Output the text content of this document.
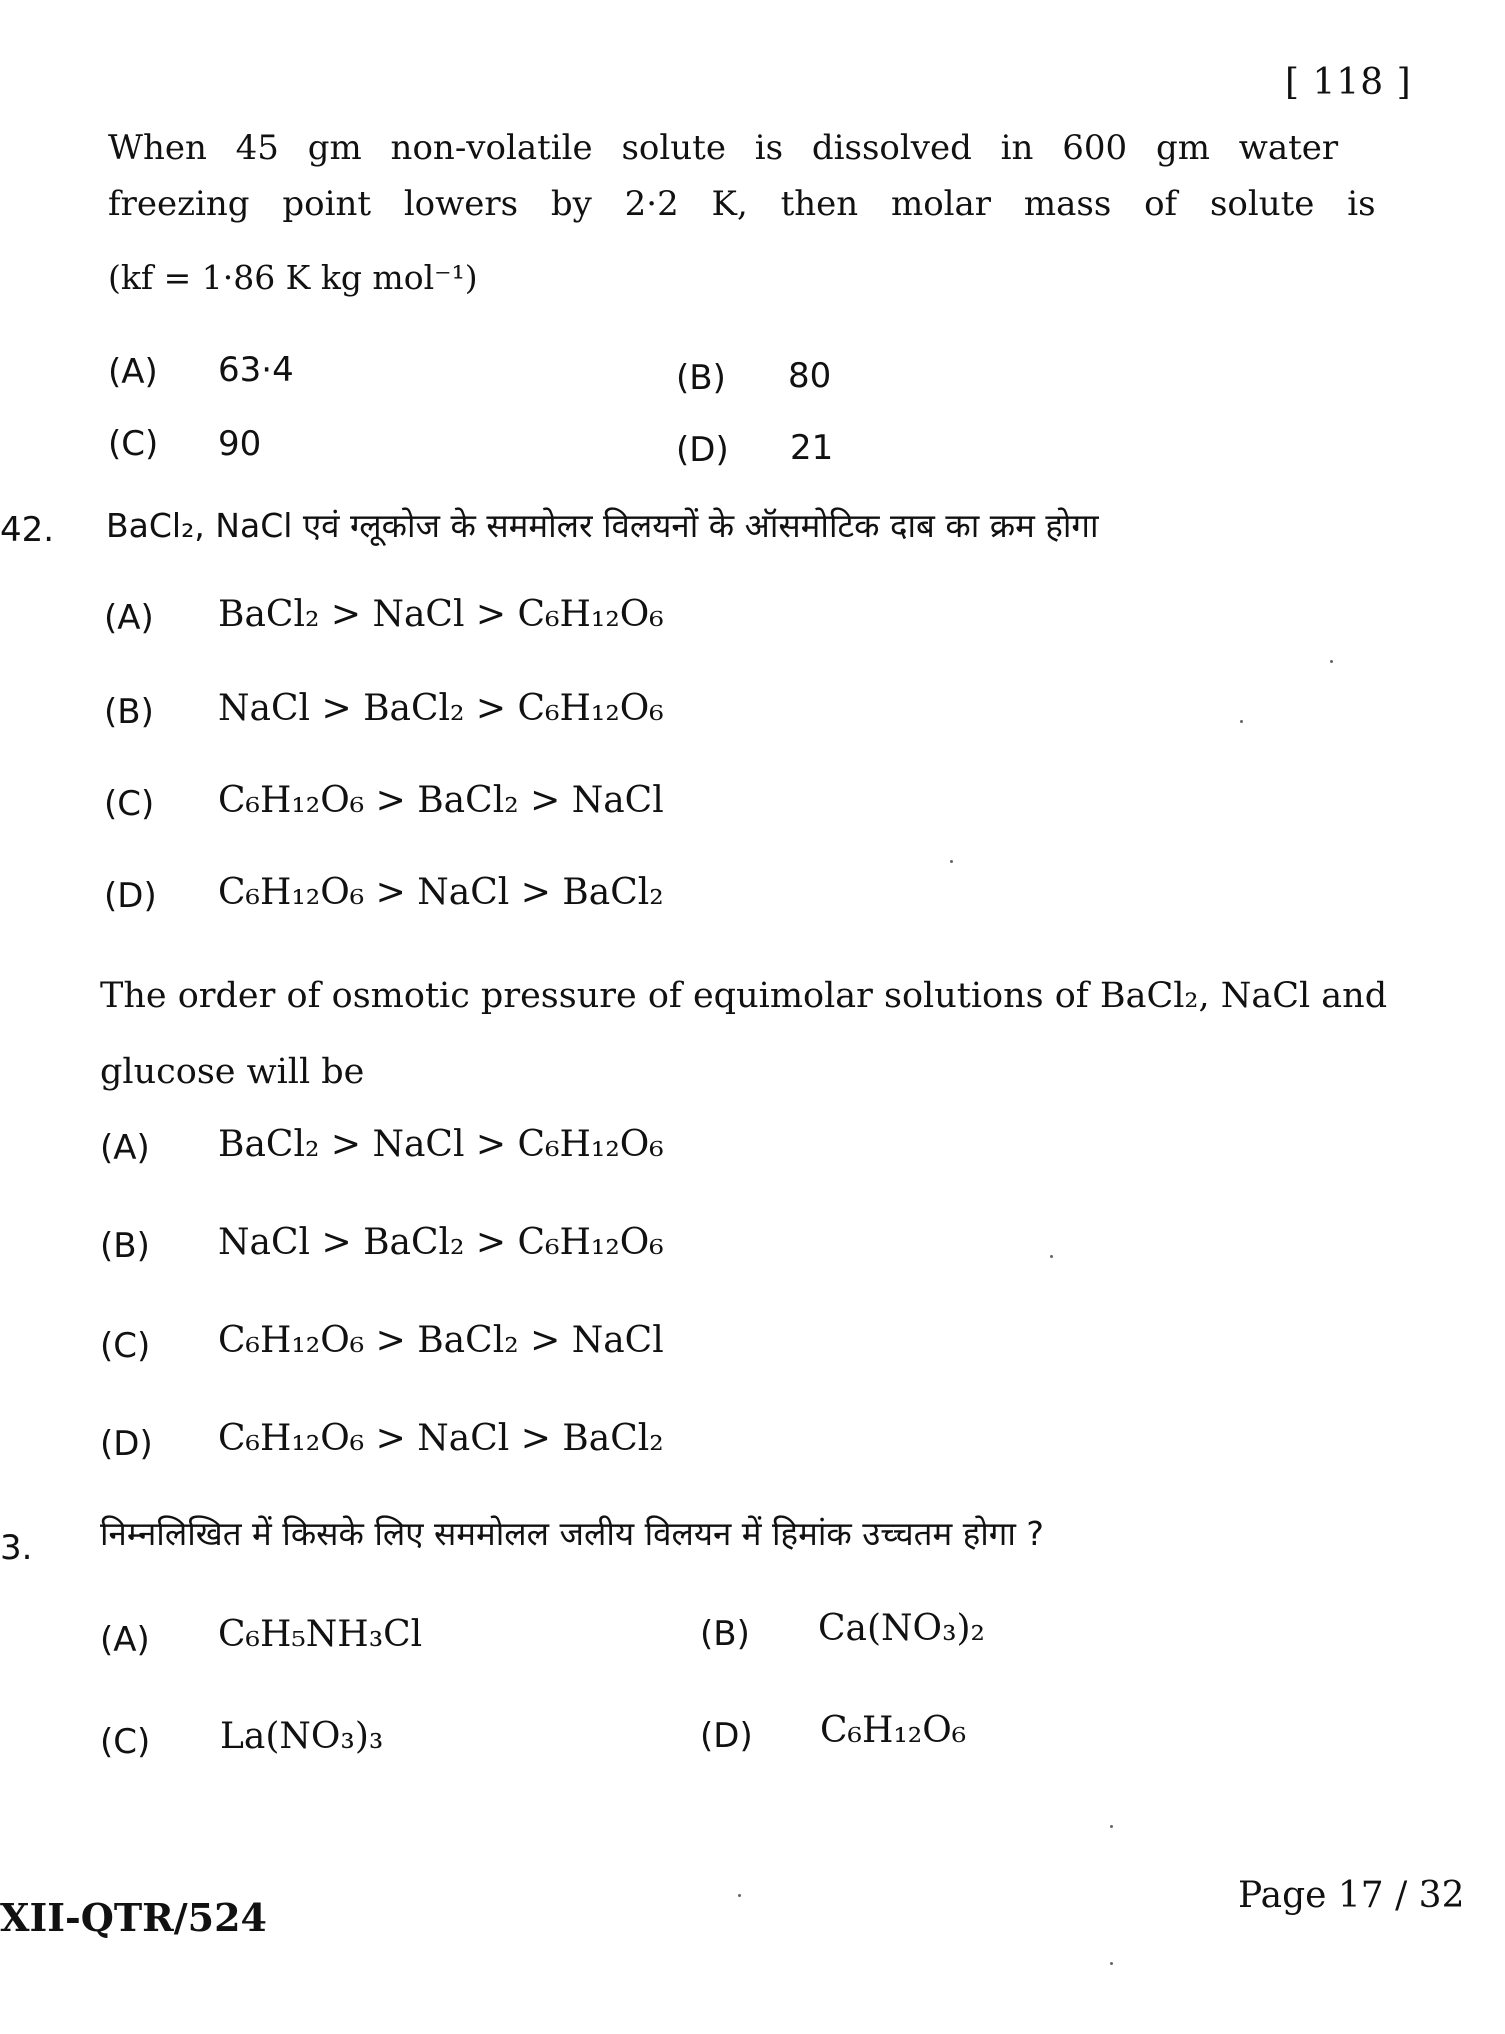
[ 118 ]
When 45 gm non-volatile solute is dissolved in 600 gm water
freezing point lowers by 2·2 K, then molar mass of solute is
(kf = 1·86 K kg mol⁻¹)
(A) 63·4	(B) 80
(C) 90	(D) 21
42. BaCl₂, NaCl एवं ग्लूकोज के सममोलर विलयनों के ऑसमोटिक दाब का क्रम होगा
(A) BaCl₂ > NaCl > C₆H₁₂O₆
(B) NaCl > BaCl₂ > C₆H₁₂O₆
(C) C₆H₁₂O₆ > BaCl₂ > NaCl
(D) C₆H₁₂O₆ > NaCl > BaCl₂
The order of osmotic pressure of equimolar solutions of BaCl₂, NaCl and glucose will be
(A) BaCl₂ > NaCl > C₆H₁₂O₆
(B) NaCl > BaCl₂ > C₆H₁₂O₆
(C) C₆H₁₂O₆ > BaCl₂ > NaCl
(D) C₆H₁₂O₆ > NaCl > BaCl₂
3. निम्नलिखित में किसके लिए सममोलल जलीय विलयन में हिमांक उच्चतम होगा ?
(A) C₆H₅NH₃Cl	(B) Ca(NO₃)₂
(C) La(NO₃)₃	(D) C₆H₁₂O₆
XII-QTR/524	Page 17 / 32
